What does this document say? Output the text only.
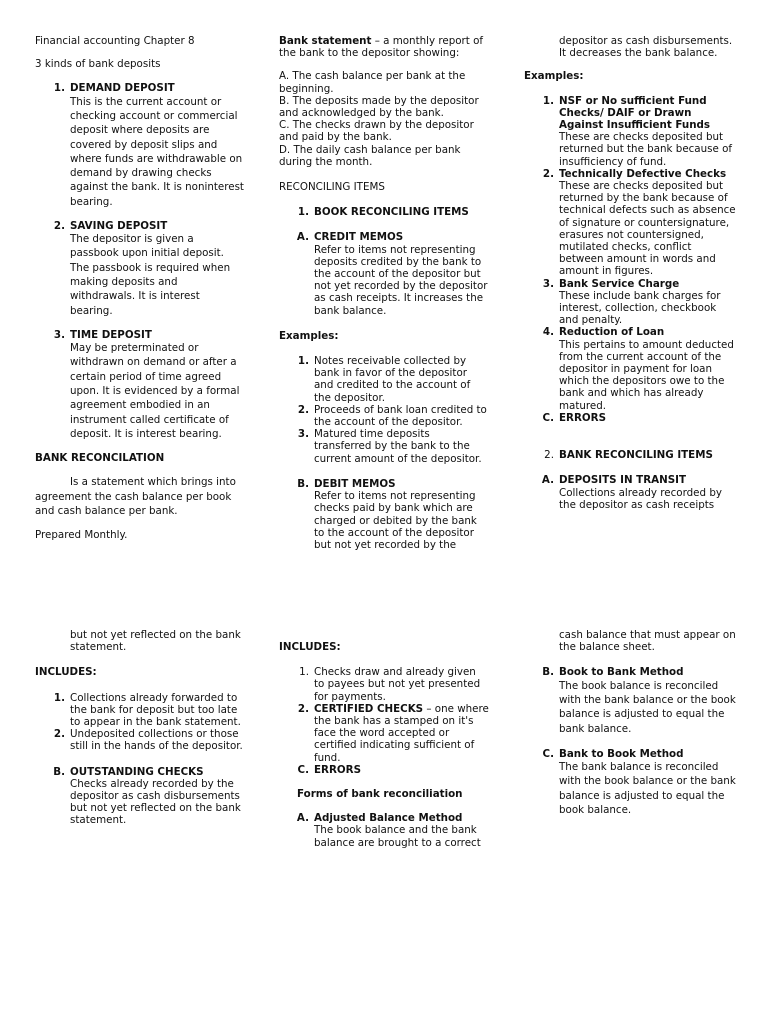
Financial accounting Chapter 8

3 kinds of bank deposits

1. DEMAND DEPOSIT
This is the current account or checking account or commercial deposit where deposits are covered by deposit slips and where funds are withdrawable on demand by drawing checks against the bank. It is noninterest bearing.
2. SAVING DEPOSIT
The depositor is given a passbook upon initial deposit. The passbook is required when making deposits and withdrawals. It is interest bearing.
3. TIME DEPOSIT
May be preterminated or withdrawn on demand or after a certain period of time agreed upon. It is evidenced by a formal agreement embodied in an instrument called certificate of deposit. It is interest bearing.

BANK RECONCILATION

Is a statement which brings into agreement the cash balance per book and cash balance per bank.

Prepared Monthly.

Bank statement – a monthly report of the bank to the depositor showing:

A. The cash balance per bank at the beginning.
B. The deposits made by the depositor and acknowledged by the bank.
C. The checks drawn by the depositor and paid by the bank.
D. The daily cash balance per bank during the month.

RECONCILING ITEMS

1. BOOK RECONCILING ITEMS
A. CREDIT MEMOS
Refer to items not representing deposits credited by the bank to the account of the depositor but not yet recorded by the depositor as cash receipts. It increases the bank balance.

Examples:

1. Notes receivable collected by bank in favor of the depositor and credited to the account of the depositor.
2. Proceeds of bank loan credited to the account of the depositor.
3. Matured time deposits transferred by the bank to the current amount of the depositor.
B. DEBIT MEMOS
Refer to items not representing checks paid by bank which are charged or debited by the bank to the account of the depositor but not yet recorded by the

depositor as cash disbursements. It decreases the bank balance.

Examples:

1. NSF or No sufficient Fund Checks/ DAIF or Drawn Against Insufficient Funds
These are checks deposited but returned but the bank because of insufficiency of fund.
2. Technically Defective Checks
These are checks deposited but returned by the bank because of technical defects such as absence of signature or countersignature, erasures not countersigned, mutilated checks, conflict between amount in words and amount in figures.
3. Bank Service Charge
These include bank charges for interest, collection, checkbook and penalty.
4. Reduction of Loan
This pertains to amount deducted from the current account of the depositor in payment for loan which the depositors owe to the bank and which has already matured.
C. ERRORS
2. BANK RECONCILING ITEMS
A. DEPOSITS IN TRANSIT
Collections already recorded by the depositor as cash receipts

but not yet reflected on the bank statement.

INCLUDES:

1. Collections already forwarded to the bank for deposit but too late to appear in the bank statement.
2. Undeposited collections or those still in the hands of the depositor.
B. OUTSTANDING CHECKS
Checks already recorded by the depositor as cash disbursements but not yet reflected on the bank statement.

INCLUDES:

1. Checks draw and already given to payees but not yet presented for payments.
2. CERTIFIED CHECKS – one where the bank has a stamped on it's face the word accepted or certified indicating sufficient of fund.
C. ERRORS

Forms of bank reconciliation

A. Adjusted Balance Method
The book balance and the bank balance are brought to a correct

cash balance that must appear on the balance sheet.

B. Book to Bank Method
The book balance is reconciled with the bank balance or the book balance is adjusted to equal the bank balance.
C. Bank to Book Method
The bank balance is reconciled with the book balance or the bank balance is adjusted to equal the book balance.
